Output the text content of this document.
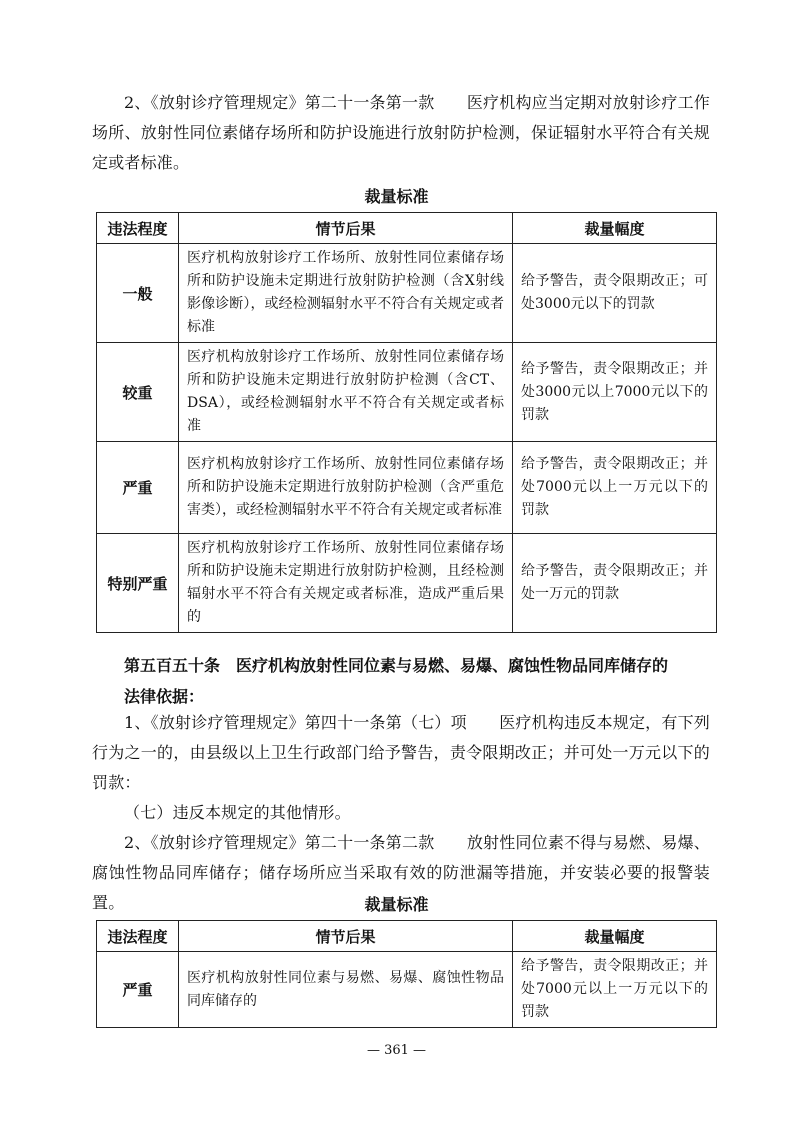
2、《放射诊疗管理规定》第二十一条第一款　　医疗机构应当定期对放射诊疗工作场所、放射性同位素储存场所和防护设施进行放射防护检测，保证辐射水平符合有关规定或者标准。
裁量标准
违法程度	情节后果	裁量幅度
一般	医疗机构放射诊疗工作场所、放射性同位素储存场所和防护设施未定期进行放射防护检测（含X射线影像诊断），或经检测辐射水平不符合有关规定或者标准	给予警告，责令限期改正；可处3000元以下的罚款
较重	医疗机构放射诊疗工作场所、放射性同位素储存场所和防护设施未定期进行放射防护检测（含CT、DSA），或经检测辐射水平不符合有关规定或者标准	给予警告，责令限期改正；并处3000元以上7000元以下的罚款
严重	医疗机构放射诊疗工作场所、放射性同位素储存场所和防护设施未定期进行放射防护检测（含严重危害类），或经检测辐射水平不符合有关规定或者标准	给予警告，责令限期改正；并处7000元以上一万元以下的罚款
特别严重	医疗机构放射诊疗工作场所、放射性同位素储存场所和防护设施未定期进行放射防护检测，且经检测辐射水平不符合有关规定或者标准，造成严重后果的	给予警告，责令限期改正；并处一万元的罚款
第五百五十条　医疗机构放射性同位素与易燃、易爆、腐蚀性物品同库储存的
法律依据：
1、《放射诊疗管理规定》第四十一条第（七）项　　医疗机构违反本规定，有下列行为之一的，由县级以上卫生行政部门给予警告，责令限期改正；并可处一万元以下的罚款：
（七）违反本规定的其他情形。
2、《放射诊疗管理规定》第二十一条第二款　　放射性同位素不得与易燃、易爆、腐蚀性物品同库储存；储存场所应当采取有效的防泄漏等措施，并安装必要的报警装置。	裁量标准
违法程度	情节后果	裁量幅度
严重	医疗机构放射性同位素与易燃、易爆、腐蚀性物品同库储存的	给予警告，责令限期改正；并处7000元以上一万元以下的罚款
— 361 —
